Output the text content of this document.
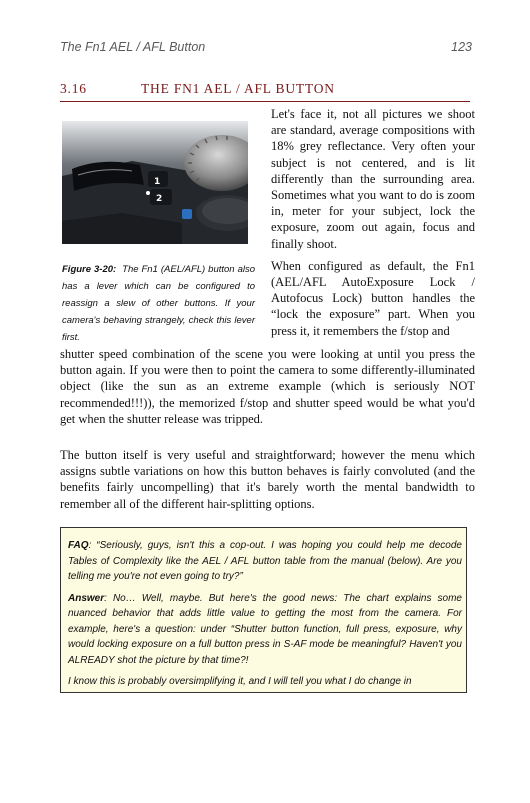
The Fn1 AEL / AFL Button	123
3.16	THE FN1 AEL / AFL BUTTON
1
2
Figure 3-20: The Fn1 (AEL/AFL) button also has a lever which can be configured to reassign a slew of other buttons. If your camera's behaving strangely, check this lever first.

Let's face it, not all pictures we shoot are standard, average compositions with 18% grey reflectance. Very often your subject is not centered, and is lit differently than the surrounding area. Sometimes what you want to do is zoom in, meter for your subject, lock the exposure, zoom out again, focus and finally shoot.

When configured as default, the Fn1 (AEL/AFL AutoExposure Lock / Autofocus Lock) button handles the “lock the exposure” part. When you press it, it remembers the f/stop and

shutter speed combination of the scene you were looking at until you press the button again. If you were then to point the camera to some differently-illuminated object (like the sun as an extreme example (which is seriously NOT recommended!!!)), the memorized f/stop and shutter speed would be what you'd get when the shutter release was tripped.

The button itself is very useful and straightforward; however the menu which assigns subtle variations on how this button behaves is fairly convoluted (and the benefits fairly uncompelling) that it's barely worth the mental bandwidth to remember all of the different hair-splitting options.

FAQ: “Seriously, guys, isn't this a cop-out. I was hoping you could help me decode Tables of Complexity like the AEL / AFL button table from the manual (below). Are you telling me you're not even going to try?”

Answer: No… Well, maybe. But here's the good news: The chart explains some nuanced behavior that adds little value to getting the most from the camera. For example, here's a question: under “Shutter button function, full press, exposure, why would locking exposure on a full button press in S-AF mode be meaningful? Haven't you ALREADY shot the picture by that time?!

I know this is probably oversimplifying it, and I will tell you what I do change in
